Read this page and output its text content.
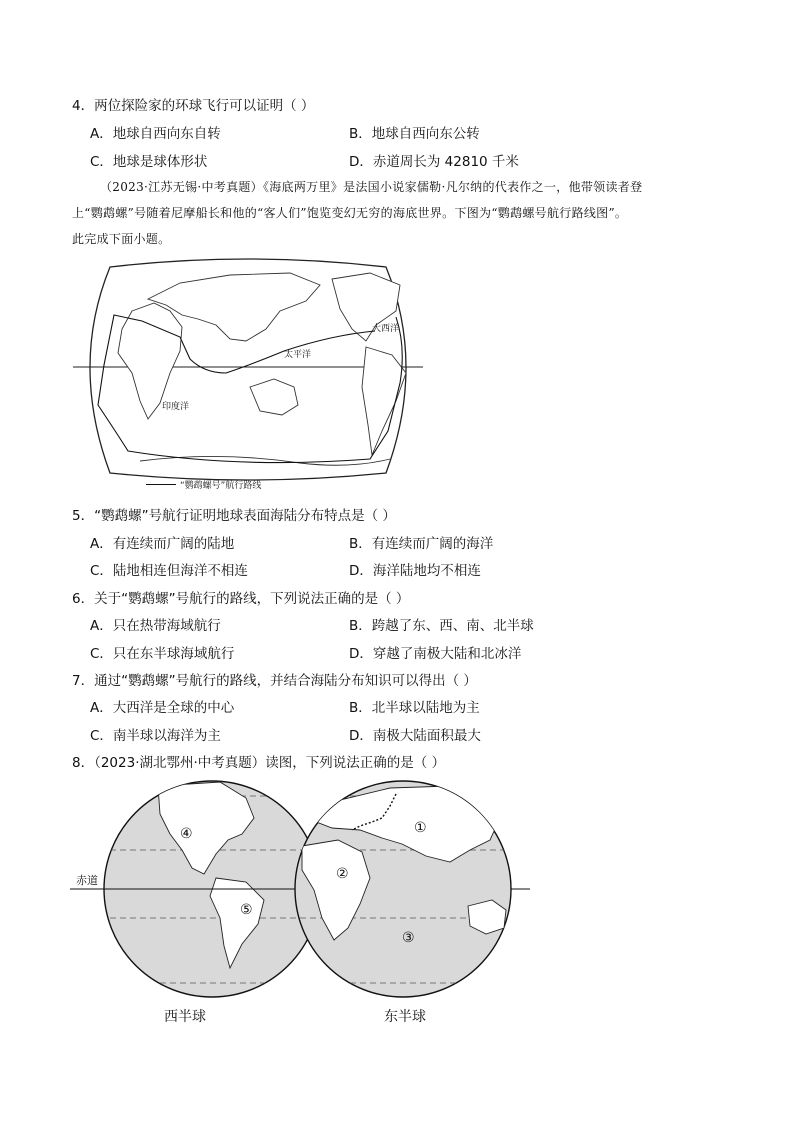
4．两位探险家的环球飞行可以证明（ ）
A．地球自西向东自转	B．地球自西向东公转
C．地球是球体形状	D．赤道周长为 42810 千米
（2023·江苏无锡·中考真题）《海底两万里》是法国小说家儒勒·凡尔纳的代表作之一，他带领读者登
上“鹦鹉螺”号随着尼摩船长和他的“客人们”饱览变幻无穷的海底世界。下图为“鹦鹉螺号航行路线图”。
此完成下面小题。
大西洋
太平洋
印度洋
“鹦鹉螺号”航行路线
5．“鹦鹉螺”号航行证明地球表面海陆分布特点是（ ）
A．有连续而广阔的陆地	B．有连续而广阔的海洋
C．陆地相连但海洋不相连	D．海洋陆地均不相连
6．关于“鹦鹉螺”号航行的路线，下列说法正确的是（ ）
A．只在热带海域航行	B．跨越了东、西、南、北半球
C．只在东半球海域航行	D．穿越了南极大陆和北冰洋
7．通过“鹦鹉螺”号航行的路线，并结合海陆分布知识可以得出（ ）
A．大西洋是全球的中心	B．北半球以陆地为主
C．南半球以海洋为主	D．南极大陆面积最大
8．（2023·湖北鄂州·中考真题）读图，下列说法正确的是（ ）
赤道
④
⑤
①
②
③
西半球	东半球
